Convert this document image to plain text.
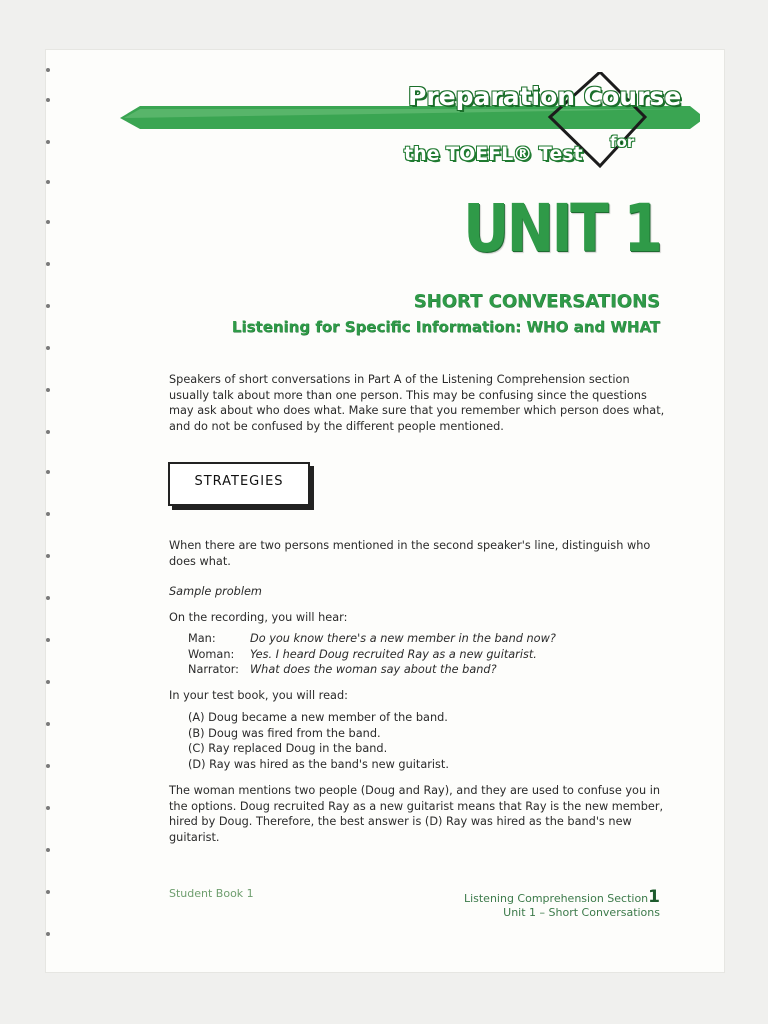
Preparation Course
for
the TOEFL® Test
UNIT 1
SHORT CONVERSATIONS
Listening for Specific Information: WHO and WHAT
Speakers of short conversations in Part A of the Listening Comprehension section usually talk about more than one person. This may be confusing since the questions may ask about who does what. Make sure that you remember which person does what, and do not be confused by the different people mentioned.
STRATEGIES
When there are two persons mentioned in the second speaker's line, distinguish who does what.
Sample problem
On the recording, you will hear:
Man:	Do you know there's a new member in the band now?
Woman:	Yes. I heard Doug recruited Ray as a new guitarist.
Narrator: What does the woman say about the band?
In your test book, you will read:
(A) Doug became a new member of the band.
(B) Doug was fired from the band.
(C) Ray replaced Doug in the band.
(D) Ray was hired as the band's new guitarist.
The woman mentions two people (Doug and Ray), and they are used to confuse you in the options. Doug recruited Ray as a new guitarist means that Ray is the new member, hired by Doug. Therefore, the best answer is (D) Ray was hired as the band's new guitarist.
Student Book 1	Listening Comprehension Section1
Unit 1 – Short Conversations
